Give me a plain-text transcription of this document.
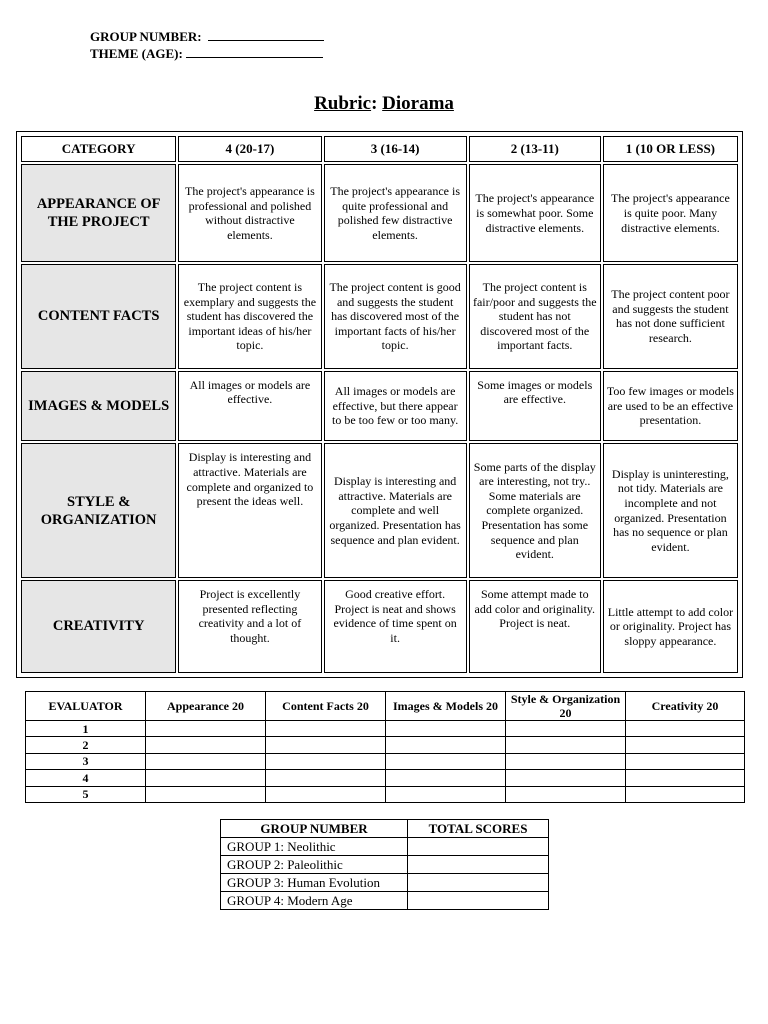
GROUP NUMBER:
THEME (AGE):
Rubric: Diorama
CATEGORY	4 (20-17)	3 (16-14)	2 (13-11)	1 (10 OR LESS)
APPEARANCE OF THE PROJECT	The project's appearance is professional and polished without distractive elements.	The project's appearance is quite professional and polished few distractive elements.	The project's appearance is somewhat poor. Some distractive elements.	The project's appearance is quite poor. Many distractive elements.
CONTENT FACTS	The project content is exemplary and suggests the student has discovered the important ideas of his/her topic.	The project content is good and suggests the student has discovered most of the important facts of his/her topic.	The project content is fair/poor and suggests the student has not discovered most of the important facts.	The project content poor and suggests the student has not done sufficient research.
IMAGES & MODELS	All images or models are effective.	All images or models are effective, but there appear to be too few or too many.	Some images or models are effective.	Too few images or models are used to be an effective presentation.
STYLE & ORGANIZATION	Display is interesting and attractive. Materials are complete and organized to present the ideas well.	Display is interesting and attractive. Materials are complete and well organized. Presentation has sequence and plan evident.	Some parts of the display are interesting, not try.. Some materials are complete organized. Presentation has some sequence and plan evident.	Display is uninteresting, not tidy. Materials are incomplete and not organized. Presentation has no sequence or plan evident.
CREATIVITY	Project is excellently presented reflecting creativity and a lot of thought.	Good creative effort. Project is neat and shows evidence of time spent on it.	Some attempt made to add color and originality. Project is neat.	Little attempt to add color or originality. Project has sloppy appearance.
EVALUATOR	Appearance 20	Content Facts 20	Images & Models 20	Style & Organization 20	Creativity 20
1					
2					
3					
4					
5					
GROUP NUMBER	TOTAL SCORES
GROUP 1: Neolithic	
GROUP 2: Paleolithic	
GROUP 3: Human Evolution	
GROUP 4: Modern Age	
